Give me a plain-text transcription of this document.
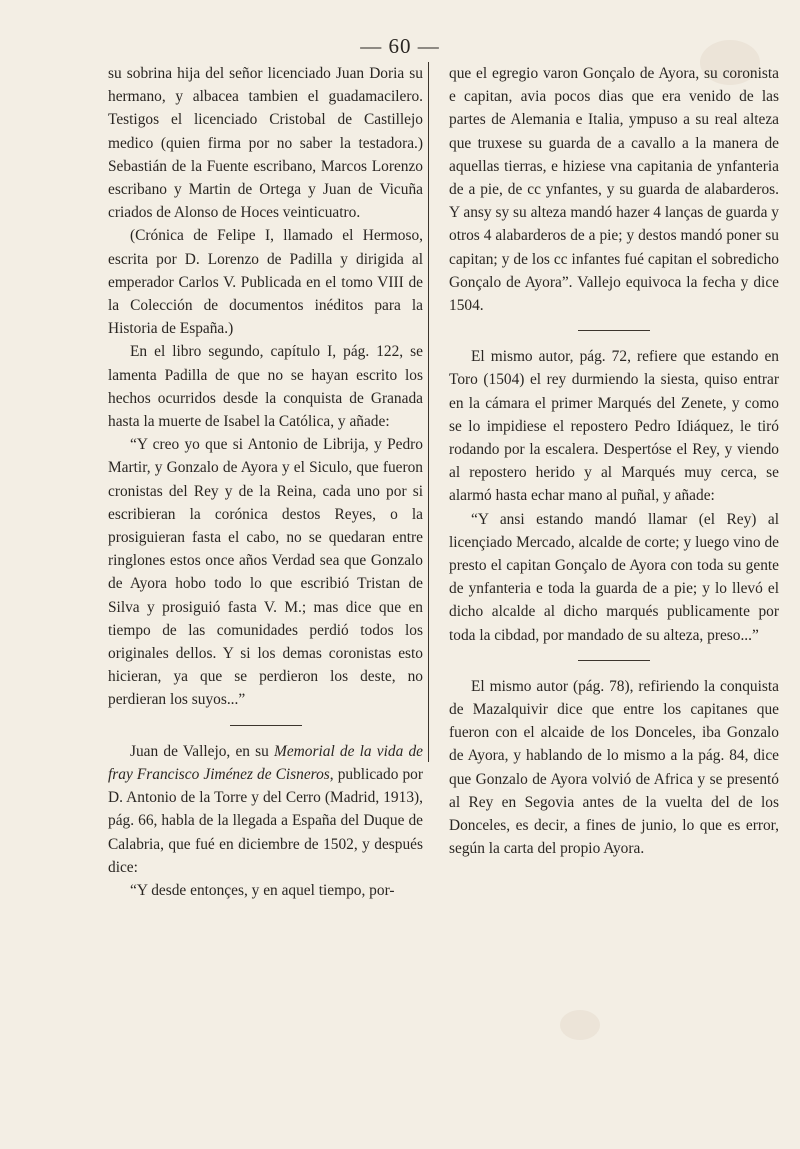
— 60 —

su sobrina hija del señor licenciado Juan Doria su hermano, y albacea tambien el guadamacilero. Testigos el licenciado Cristobal de Castillejo medico (quien firma por no saber la testadora.) Sebastián de la Fuente escribano, Marcos Lorenzo escribano y Martin de Ortega y Juan de Vicuña criados de Alonso de Hoces veinticuatro.

(Crónica de Felipe I, llamado el Hermoso, escrita por D. Lorenzo de Padilla y dirigida al emperador Carlos V. Publicada en el tomo VIII de la Colección de documentos inéditos para la Historia de España.)

En el libro segundo, capítulo I, pág. 122, se lamenta Padilla de que no se hayan escrito los hechos ocurridos desde la conquista de Granada hasta la muerte de Isabel la Católica, y añade:

“Y creo yo que si Antonio de Librija, y Pedro Martir, y Gonzalo de Ayora y el Siculo, que fueron cronistas del Rey y de la Reina, cada uno por si escribieran la corónica destos Reyes, o la prosiguieran fasta el cabo, no se quedaran entre ringlones estos once años Verdad sea que Gonzalo de Ayora hobo todo lo que escribió Tristan de Silva y prosiguió fasta V. M.; mas dice que en tiempo de las comunidades perdió todos los originales dellos. Y si los demas coronistas esto hicieran, ya que se perdieron los deste, no perdieran los suyos...”

Juan de Vallejo, en su Memorial de la vida de fray Francisco Jiménez de Cisneros, publicado por D. Antonio de la Torre y del Cerro (Madrid, 1913), pág. 66, habla de la llegada a España del Duque de Calabria, que fué en diciembre de 1502, y después dice:

“Y desde entonçes, y en aquel tiempo, por-

que el egregio varon Gonçalo de Ayora, su coronista e capitan, avia pocos dias que era venido de las partes de Alemania e Italia, ympuso a su real alteza que truxese su guarda de a cavallo a la manera de aquellas tierras, e hiziese vna capitania de ynfanteria de a pie, de cc ynfantes, y su guarda de alabarderos. Y ansy sy su alteza mandó hazer 4 lanças de guarda y otros 4 alabarderos de a pie; y destos mandó poner su capitan; y de los cc infantes fué capitan el sobredicho Gonçalo de Ayora”. Vallejo equivoca la fecha y dice 1504.

El mismo autor, pág. 72, refiere que estando en Toro (1504) el rey durmiendo la siesta, quiso entrar en la cámara el primer Marqués del Zenete, y como se lo impidiese el repostero Pedro Idiáquez, le tiró rodando por la escalera. Despertóse el Rey, y viendo al repostero herido y al Marqués muy cerca, se alarmó hasta echar mano al puñal, y añade:

“Y ansi estando mandó llamar (el Rey) al licençiado Mercado, alcalde de corte; y luego vino de presto el capitan Gonçalo de Ayora con toda su gente de ynfanteria e toda la guarda de a pie; y lo llevó el dicho alcalde al dicho marqués publicamente por toda la cibdad, por mandado de su alteza, preso...”

El mismo autor (pág. 78), refiriendo la conquista de Mazalquivir dice que entre los capitanes que fueron con el alcaide de los Donceles, iba Gonzalo de Ayora, y hablando de lo mismo a la pág. 84, dice que Gonzalo de Ayora volvió de Africa y se presentó al Rey en Segovia antes de la vuelta del de los Donceles, es decir, a fines de junio, lo que es error, según la carta del propio Ayora.
